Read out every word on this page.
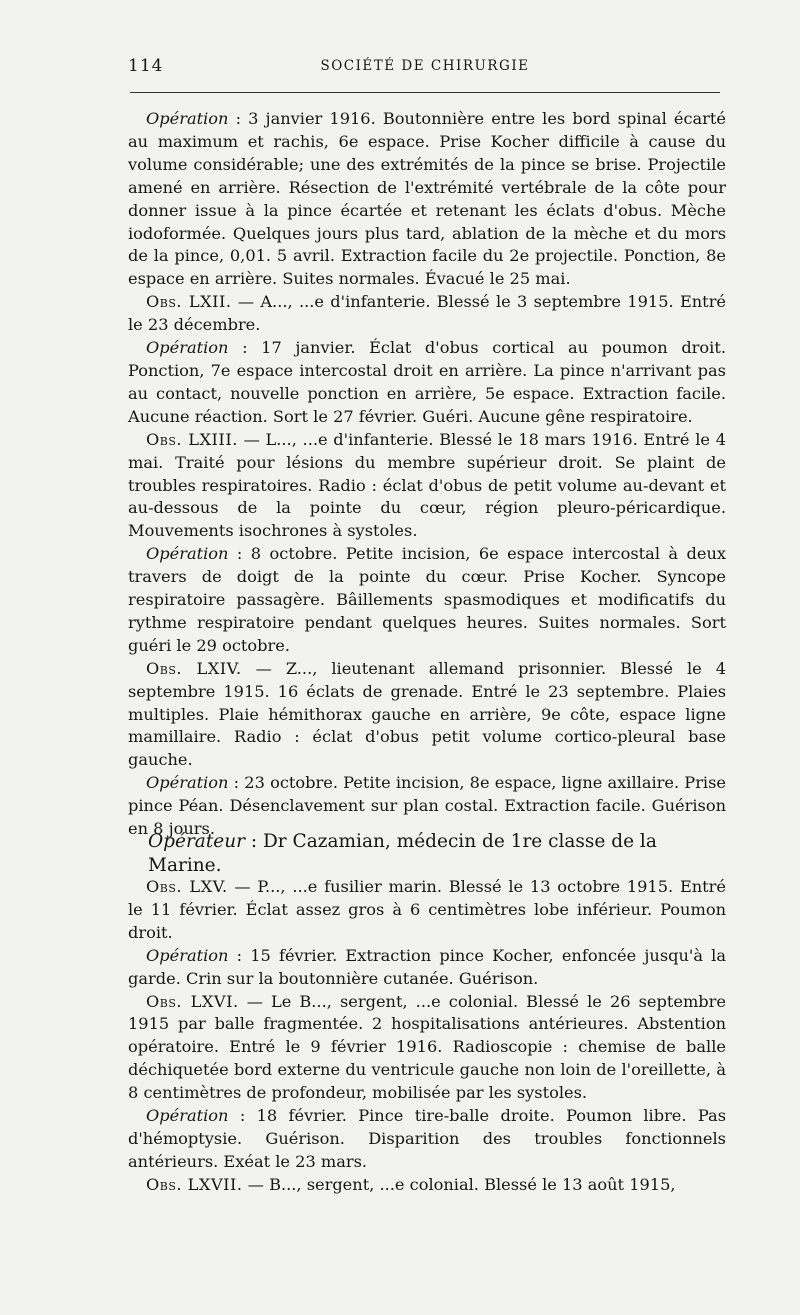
114	SOCIÉTÉ DE CHIRURGIE

Opération : 3 janvier 1916. Boutonnière entre les bord spinal écarté au maximum et rachis, 6e espace. Prise Kocher difficile à cause du volume considérable; une des extrémités de la pince se brise. Projectile amené en arrière. Résection de l'extrémité vertébrale de la côte pour donner issue à la pince écartée et retenant les éclats d'obus. Mèche iodoformée. Quelques jours plus tard, ablation de la mèche et du mors de la pince, 0,01. 5 avril. Extraction facile du 2e projectile. Ponction, 8e espace en arrière. Suites normales. Évacué le 25 mai.

Obs. LXII. — A..., ...e d'infanterie. Blessé le 3 septembre 1915. Entré le 23 décembre.

Opération : 17 janvier. Éclat d'obus cortical au poumon droit. Ponction, 7e espace intercostal droit en arrière. La pince n'arrivant pas au contact, nouvelle ponction en arrière, 5e espace. Extraction facile. Aucune réaction. Sort le 27 février. Guéri. Aucune gêne respiratoire.

Obs. LXIII. — L..., ...e d'infanterie. Blessé le 18 mars 1916. Entré le 4 mai. Traité pour lésions du membre supérieur droit. Se plaint de troubles respiratoires. Radio : éclat d'obus de petit volume au-devant et au-dessous de la pointe du cœur, région pleuro-péricardique. Mouvements isochrones à systoles.

Opération : 8 octobre. Petite incision, 6e espace intercostal à deux travers de doigt de la pointe du cœur. Prise Kocher. Syncope respiratoire passagère. Bâillements spasmodiques et modificatifs du rythme respiratoire pendant quelques heures. Suites normales. Sort guéri le 29 octobre.

Obs. LXIV. — Z..., lieutenant allemand prisonnier. Blessé le 4 septembre 1915. 16 éclats de grenade. Entré le 23 septembre. Plaies multiples. Plaie hémithorax gauche en arrière, 9e côte, espace ligne mamillaire. Radio : éclat d'obus petit volume cortico-pleural base gauche.

Opération : 23 octobre. Petite incision, 8e espace, ligne axillaire. Prise pince Péan. Désenclavement sur plan costal. Extraction facile. Guérison en 8 jours.

Opérateur : Dr Cazamian, médecin de 1re classe de la Marine.

Obs. LXV. — P..., ...e fusilier marin. Blessé le 13 octobre 1915. Entré le 11 février. Éclat assez gros à 6 centimètres lobe inférieur. Poumon droit.

Opération : 15 février. Extraction pince Kocher, enfoncée jusqu'à la garde. Crin sur la boutonnière cutanée. Guérison.

Obs. LXVI. — Le B..., sergent, ...e colonial. Blessé le 26 septembre 1915 par balle fragmentée. 2 hospitalisations antérieures. Abstention opératoire. Entré le 9 février 1916. Radioscopie : chemise de balle déchiquetée bord externe du ventricule gauche non loin de l'oreillette, à 8 centimètres de profondeur, mobilisée par les systoles.

Opération : 18 février. Pince tire-balle droite. Poumon libre. Pas d'hémoptysie. Guérison. Disparition des troubles fonctionnels antérieurs. Exéat le 23 mars.

Obs. LXVII. — B..., sergent, ...e colonial. Blessé le 13 août 1915,
